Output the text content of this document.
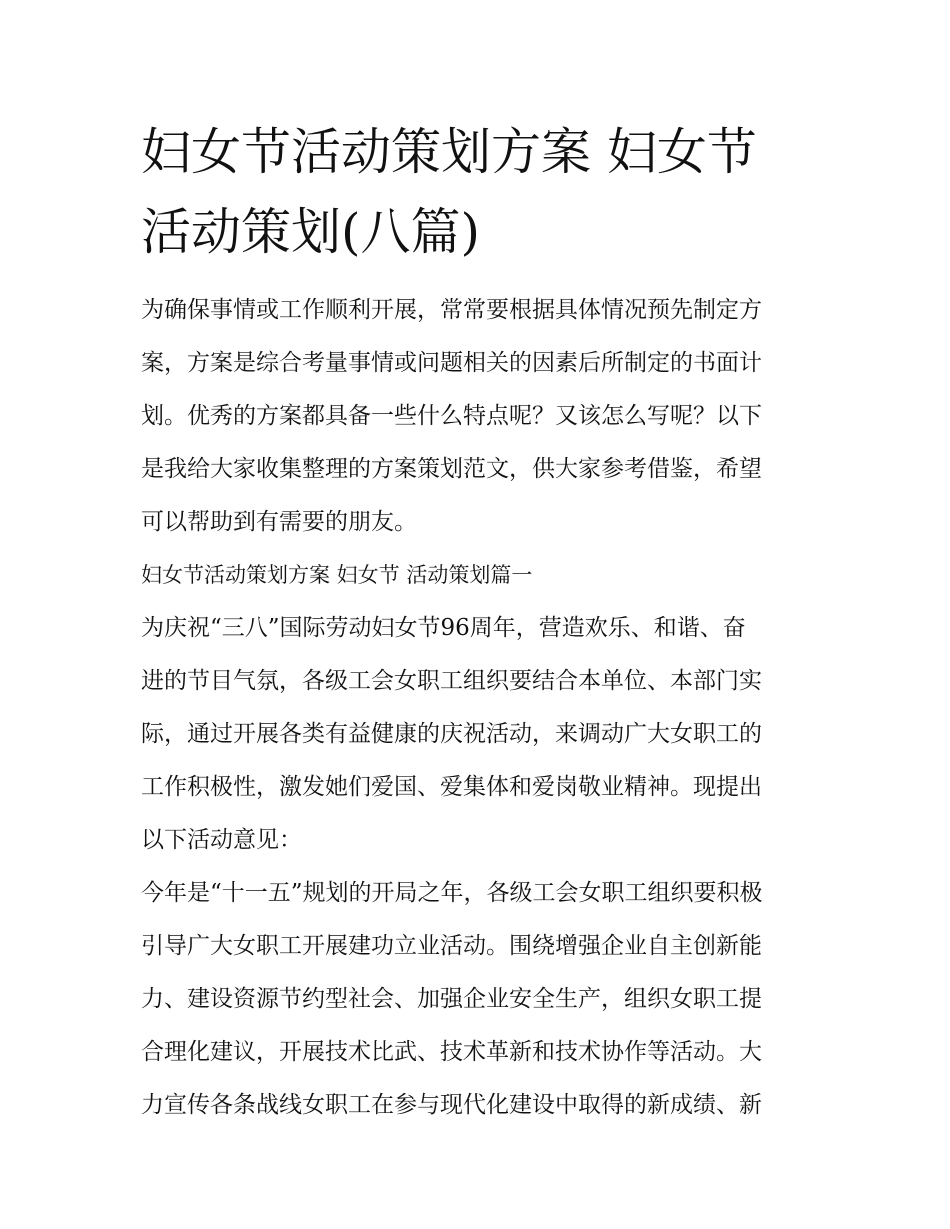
妇女节活动策划方案 妇女节
活动策划(八篇)
为确保事情或工作顺利开展，常常要根据具体情况预先制定方
案，方案是综合考量事情或问题相关的因素后所制定的书面计
划。优秀的方案都具备一些什么特点呢？又该怎么写呢？以下
是我给大家收集整理的方案策划范文，供大家参考借鉴，希望
可以帮助到有需要的朋友。
妇女节活动策划方案 妇女节 活动策划篇一
为庆祝“三八”国际劳动妇女节96周年，营造欢乐、和谐、奋
进的节目气氛，各级工会女职工组织要结合本单位、本部门实
际，通过开展各类有益健康的庆祝活动，来调动广大女职工的
工作积极性，激发她们爱国、爱集体和爱岗敬业精神。现提出
以下活动意见：
今年是“十一五”规划的开局之年，各级工会女职工组织要积极
引导广大女职工开展建功立业活动。围绕增强企业自主创新能
力、建设资源节约型社会、加强企业安全生产，组织女职工提
合理化建议，开展技术比武、技术革新和技术协作等活动。大
力宣传各条战线女职工在参与现代化建设中取得的新成绩、新
